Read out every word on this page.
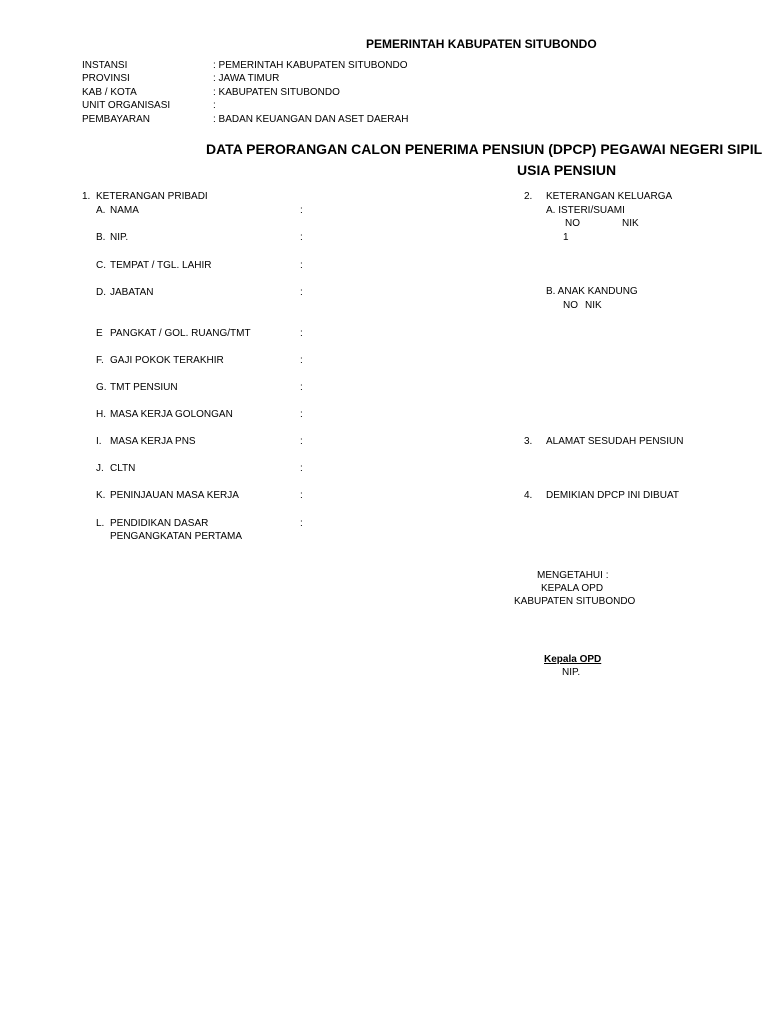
PEMERINTAH KABUPATEN SITUBONDO
INSTANSI	: PEMERINTAH KABUPATEN SITUBONDO
PROVINSI	: JAWA TIMUR
KAB / KOTA	: KABUPATEN SITUBONDO
UNIT ORGANISASI	:
PEMBAYARAN	: BADAN KEUANGAN DAN ASET DAERAH
DATA PERORANGAN CALON PENERIMA PENSIUN (DPCP) PEGAWAI NEGERI SIPIL
USIA PENSIUN
1. KETERANGAN PRIBADI
A. NAMA	:
B. NIP.	:
C. TEMPAT / TGL. LAHIR	:
D. JABATAN	:
E PANGKAT / GOL. RUANG/TMT	:
F. GAJI POKOK TERAKHIR	:
G. TMT PENSIUN	:
H. MASA KERJA GOLONGAN	:
I. MASA KERJA PNS	:
J. CLTN	:
K. PENINJAUAN MASA KERJA	:
L. PENDIDIKAN DASAR
PENGANGKATAN PERTAMA
:
2. KETERANGAN KELUARGA
A. ISTERI/SUAMI
NO	NIK
1
B. ANAK KANDUNG
NO NIK
3. ALAMAT SESUDAH PENSIUN
4. DEMIKIAN DPCP INI DIBUAT
MENGETAHUI :
KEPALA OPD
KABUPATEN SITUBONDO
Kepala OPD
NIP.
